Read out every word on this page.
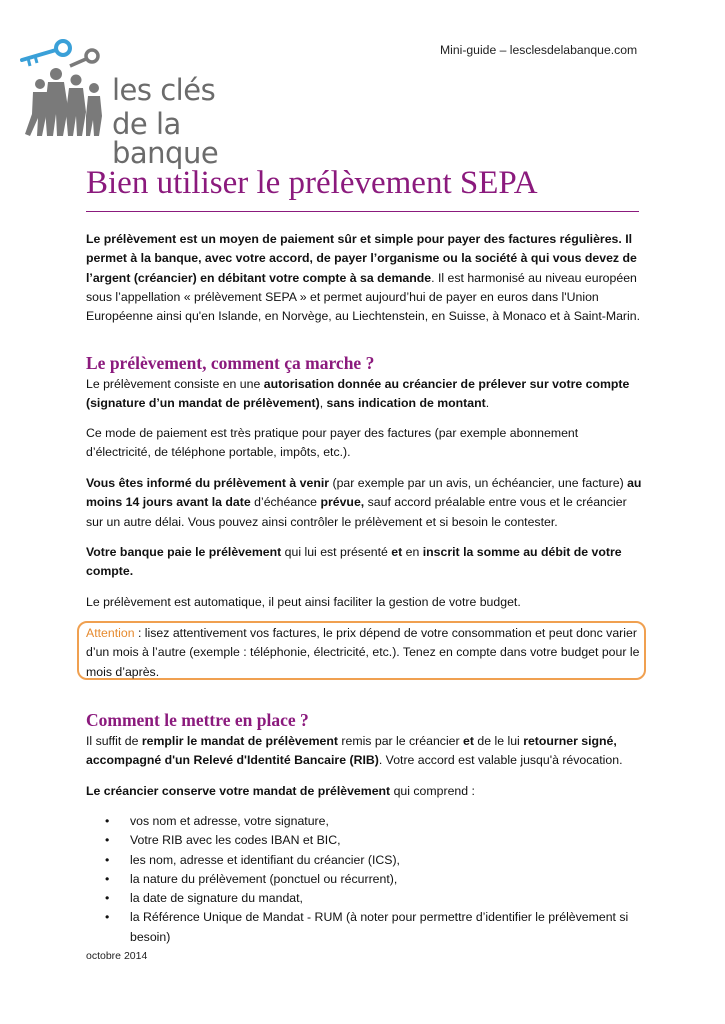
Mini-guide – lesclesdelabanque.com
les clés
de la banque
Bien utiliser le prélèvement SEPA

Le prélèvement est un moyen de paiement sûr et simple pour payer des factures régulières. Il permet à la banque, avec votre accord, de payer l’organisme ou la société à qui vous devez de l’argent (créancier) en débitant votre compte à sa demande. Il est harmonisé au niveau européen sous l’appellation « prélèvement SEPA » et permet aujourd’hui de payer en euros dans l'Union Européenne ainsi qu'en Islande, en Norvège, au Liechtenstein, en Suisse, à Monaco et à Saint-Marin.

Le prélèvement, comment ça marche ?

Le prélèvement consiste en une autorisation donnée au créancier de prélever sur votre compte (signature d’un mandat de prélèvement), sans indication de montant.

Ce mode de paiement est très pratique pour payer des factures (par exemple abonnement d’électricité, de téléphone portable, impôts, etc.).

Vous êtes informé du prélèvement à venir (par exemple par un avis, un échéancier, une facture) au moins 14 jours avant la date d’échéance prévue, sauf accord préalable entre vous et le créancier sur un autre délai. Vous pouvez ainsi contrôler le prélèvement et si besoin le contester.

Votre banque paie le prélèvement qui lui est présenté et en inscrit la somme au débit de votre compte.

Le prélèvement est automatique, il peut ainsi faciliter la gestion de votre budget.

Attention : lisez attentivement vos factures, le prix dépend de votre consommation et peut donc varier d’un mois à l’autre (exemple : téléphonie, électricité, etc.). Tenez en compte dans votre budget pour le mois d’après.

Comment le mettre en place ?

Il suffit de remplir le mandat de prélèvement remis par le créancier et de le lui retourner signé, accompagné d'un Relevé d'Identité Bancaire (RIB). Votre accord est valable jusqu'à révocation.

Le créancier conserve votre mandat de prélèvement qui comprend :

• vos nom et adresse, votre signature,
• Votre RIB avec les codes IBAN et BIC,
• les nom, adresse et identifiant du créancier (ICS),
• la nature du prélèvement (ponctuel ou récurrent),
• la date de signature du mandat,
• la Référence Unique de Mandat - RUM (à noter pour permettre d’identifier le prélèvement si besoin)
octobre 2014
